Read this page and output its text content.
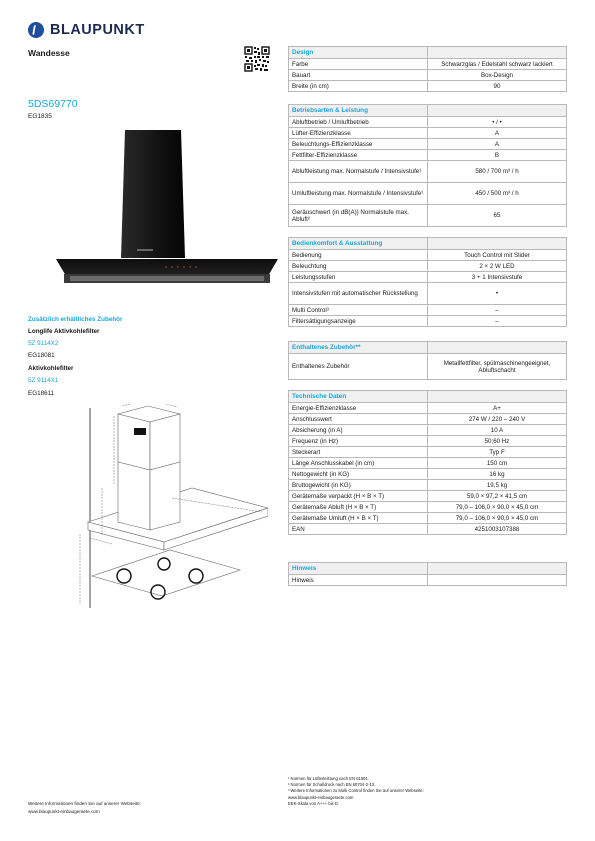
BLAUPUNKT
Wandesse
5DS69770
EG1835
Zusätzlich erhältliches Zubehör
Longlife Aktivkohlefilter
5Z 9114X2
EG18081
Aktivkohlefilter
5Z 9114X1
EG18611
Design	
Farbe	Schwarzglas / Edelstahl schwarz lackiert
Bauart	Box-Design
Breite (in cm)	90
Betriebsarten & Leistung	
Abluftbetrieb / Umluftbetrieb	• / •
Lüfter-Effizienzklasse	A
Beleuchtungs-Effizienzklasse	A
Fettfilter-Effizienzklasse	B
Abluftleistung max. Normalstufe / Intensivstufe¹	580 / 700 m³ / h
Umluftleistung max. Normalstufe / Intensivstufe¹	450 / 500 m³ / h
Geräuschwert (in dB(A)) Normalstufe max. Abluft²	65
Bedienkomfort & Ausstattung	
Bedienung	Touch Control mit Slider
Beleuchtung	2 × 2 W LED
Leistungsstufen	3 + 1 Intensivstufe
Intensivstufen mit automatischer Rückstellung	•
Multi Control³	–
Filtersättigungsanzeige	–
Enthaltenes Zubehör**	
Enthaltenes Zubehör	Metallfettfilter, spülmaschinengeeignet, Abluftschacht
Technische Daten	
Energie-Effizienzklasse	A+
Anschlusswert	274 W / 220 – 240 V
Absicherung (in A)	10 A
Frequenz (in Hz)	50;60 Hz
Steckerart	Typ F
Länge Anschlusskabel (in cm)	150 cm
Nettogewicht (in KG)	16 kg
Bruttogewicht (in KG)	19,5 kg
Gerätemaße verpackt (H × B × T)	59,0 × 97,2 × 41,5 cm
Gerätemaße Abluft (H × B × T)	79,0 – 106,0 × 90,0 × 45,0 cm
Gerätemaße Umluft (H × B × T)	79,0 – 106,0 × 90,0 × 45,0 cm
EAN	4251003107388
Hinweis	
Hinweis	
Weitere Informationen finden Sie auf unserer Webseite:
www.blaupunkt-einbaugeraete.com
¹ Normen für Lüfterleistung nach EN 61591.
² Normen für Schalldruck nach EN 60704-2-13.
³ Weitere Informationen zu Multi Control finden Sie auf unserer Webseite:
www.blaupunkt-einbaugeraete.com
EEK-Skala von A+++ bis D.
